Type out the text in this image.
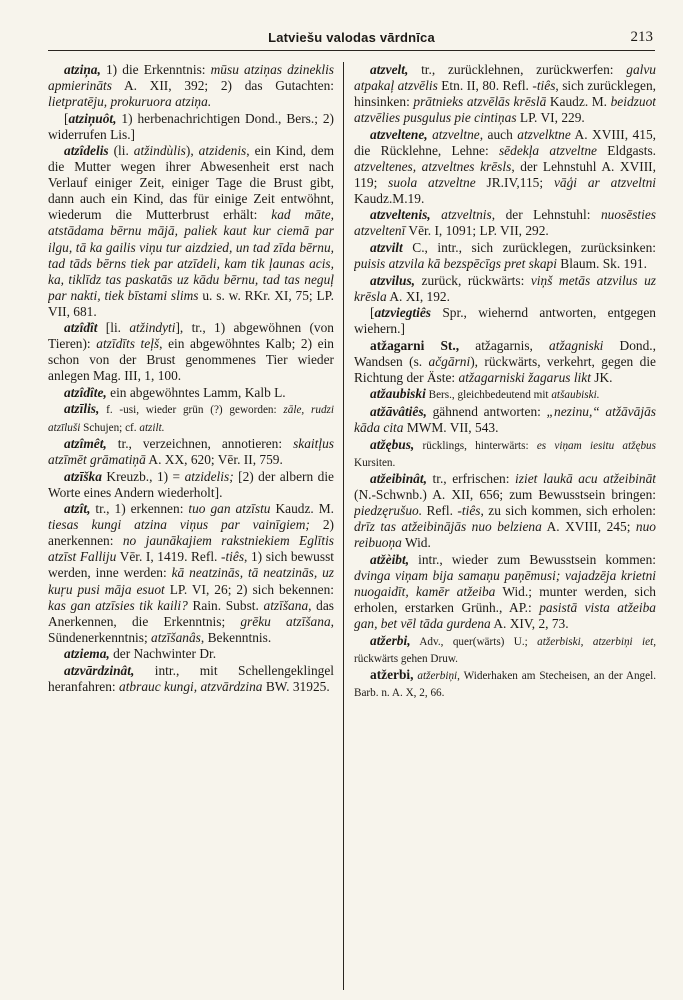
Latviešu valodas vārdnīca	213

atziņa, 1) die Erkenntnis: mūsu atziņas dzineklis apmierināts A. XII, 392; 2) das Gutachten: lietpratēju, prokuruora atziņa.

[atziņuôt, 1) herbenachrichtigen Dond., Bers.; 2) widerrufen Lis.]

atzîdelis (li. atžindùlis), atzidenis, ein Kind, dem die Mutter wegen ihrer Abwesenheit erst nach Verlauf einiger Zeit, einiger Tage die Brust gibt, dann auch ein Kind, das für einige Zeit entwöhnt, wiederum die Mutterbrust erhält: kad māte, atstādama bērnu mājā, paliek kaut kur ciemā par ilgu, tā ka gailis viņu tur aizdzied, un tad zīda bērnu, tad tāds bērns tiek par atzīdeli, kam tik ļaunas acis, ka, tiklīdz tas paskatās uz kādu bērnu, tad tas neguļ par nakti, tiek bīstami slims u. s. w. RKr. XI, 75; LP. VII, 681.

atzîdît [li. atžindyti], tr., 1) abgewöhnen (von Tieren): atzīdīts teļš, ein abgewöhntes Kalb; 2) ein schon von der Brust genommenes Tier wieder anlegen Mag. III, 1, 100.

atzîdîte, ein abgewöhntes Lamm, Kalb L.

atzīlis, f. -usi, wieder grün (?) geworden: zāle, rudzi atzīluši Schujen; cf. atzilt.

atzîmêt, tr., verzeichnen, annotieren: skaitļus atzīmēt grāmatiņā A. XX, 620; Vēr. II, 759.

atzīška Kreuzb., 1) = atzidelis; [2) der albern die Worte eines Andern wiederholt].

atzît, tr., 1) erkennen: tuo gan atzīstu Kaudz. M. tiesas kungi atzina viņus par vainīgiem; 2) anerkennen: no jaunākajiem rakstniekiem Eglītis atzīst Falliju Vēr. I, 1419. Refl. -tiês, 1) sich bewusst werden, inne werden: kā neatzinās, tā neatzinās, uz kuŗu pusi māja esuot LP. VI, 26; 2) sich bekennen: kas gan atzīsies tik kaili? Rain. Subst. atzīšana, das Anerkennen, die Erkenntnis; grēku atzīšana, Sündenerkenntnis; atzīšanâs, Bekenntnis.

atziema, der Nachwinter Dr.

atzvārdzinât, intr., mit Schellengeklingel heranfahren: atbrauc kungi, atzvārdzina BW. 31925.

atzvelt, tr., zurücklehnen, zurückwerfen: galvu atpakaļ atzvēlis Etn. II, 80. Refl. -tiês, sich zurücklegen, hinsinken: prātnieks atzvēlās krēslā Kaudz. M. beidzuot atzvēlies pusgulus pie cintiņas LP. VI, 229.

atzveltene, atzveltne, auch atzvelktne A. XVIII, 415, die Rücklehne, Lehne: sēdekļa atzveltne Eldgasts. atzveltenes, atzveltnes krēsls, der Lehnstuhl A. XVIII, 119; suola atzveltne JR.IV,115; vāģi ar atzveltni Kaudz.M.19.

atzveltenis, atzveltnis, der Lehnstuhl: nuosēsties atzveltenī Vēr. I, 1091; LP. VII, 292.

atzvilt C., intr., sich zurücklegen, zurücksinken: puisis atzvila kā bezspēcīgs pret skapi Blaum. Sk. 191.

atzvilus, zurück, rückwärts: viņš metās atzvilus uz krēsla A. XI, 192.

[atzviegtiês Spr., wiehernd antworten, entgegen wiehern.]

atžagarni St., atžagarnis, atžagniski Dond., Wandsen (s. ačgārni), rückwärts, verkehrt, gegen die Richtung der Äste: atžagarniski žagarus likt JK.

atžaubiski Bers., gleichbedeutend mit atšaubiski.

atžāvâtiês, gähnend antworten: „nezinu,“ atžāvājās kāda cita MWM. VII, 543.

atžębus, rücklings, hinterwärts: es viņam iesitu atžębus Kursiten.

atžeibinât, tr., erfrischen: iziet laukā acu atžeibināt (N.-Schwnb.) A. XII, 656; zum Bewusstsein bringen: piedzęrušuo. Refl. -tiês, zu sich kommen, sich erholen: drīz tas atžeibinājās nuo belziena A. XVIII, 245; nuo reibuoņa Wid.

atžèibt, intr., wieder zum Bewusstsein kommen: dvinga viņam bija samaņu paņēmusi; vajadzēja krietni nuogaidīt, kamēr atžeiba Wid.; munter werden, sich erholen, erstarken Grünh., AP.: pasistā vista atžeiba gan, bet vēl tāda gurdena A. XIV, 2, 73.

atžerbi, Adv., quer(wärts) U.; atžerbiski, atzerbiņi iet, rückwärts gehen Druw.

atžerbi, atžerbiņi, Widerhaken am Stecheisen, an der Angel. Barb. n. A. X, 2, 66.
